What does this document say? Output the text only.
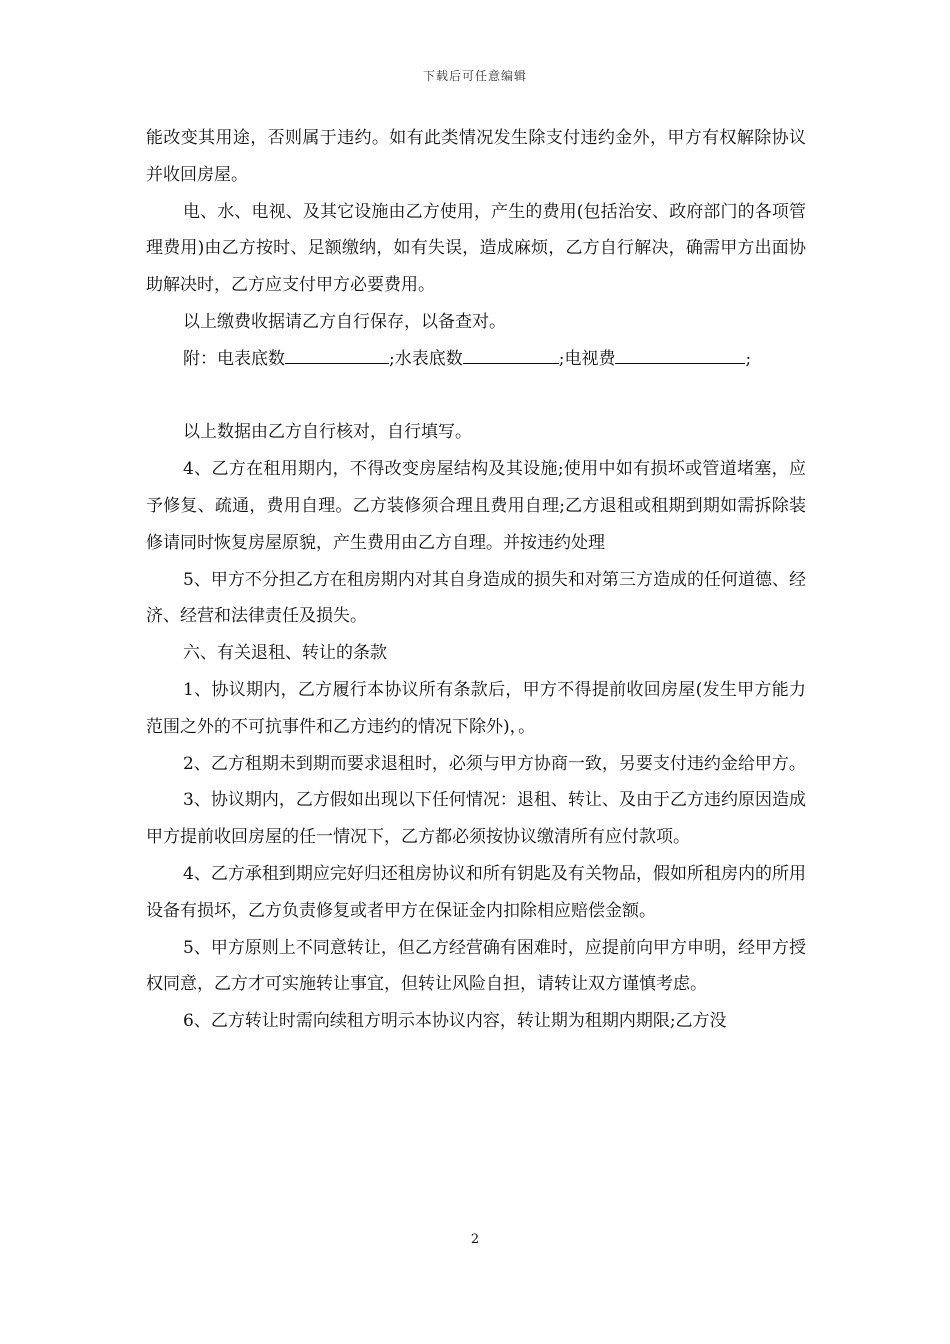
下载后可任意编辑

能改变其用途，否则属于违约。如有此类情况发生除支付违约金外，甲方有权解除协议并收回房屋。

电、水、电视、及其它设施由乙方使用，产生的费用(包括治安、政府部门的各项管理费用)由乙方按时、足额缴纳，如有失误，造成麻烦，乙方自行解决，确需甲方出面协助解决时，乙方应支付甲方必要费用。

以上缴费收据请乙方自行保存，以备查对。

附：电表底数	;水表底数	;电视费	;

以上数据由乙方自行核对，自行填写。

4、乙方在租用期内，不得改变房屋结构及其设施;使用中如有损坏或管道堵塞，应予修复、疏通，费用自理。乙方装修须合理且费用自理;乙方退租或租期到期如需拆除装修请同时恢复房屋原貌，产生费用由乙方自理。并按违约处理

5、甲方不分担乙方在租房期内对其自身造成的损失和对第三方造成的任何道德、经济、经营和法律责任及损失。

六、有关退租、转让的条款

1、协议期内，乙方履行本协议所有条款后，甲方不得提前收回房屋(发生甲方能力范围之外的不可抗事件和乙方违约的情况下除外)，。

2、乙方租期未到期而要求退租时，必须与甲方协商一致，另要支付违约金给甲方。

3、协议期内，乙方假如出现以下任何情况：退租、转让、及由于乙方违约原因造成甲方提前收回房屋的任一情况下，乙方都必须按协议缴清所有应付款项。

4、乙方承租到期应完好归还租房协议和所有钥匙及有关物品，假如所租房内的所用设备有损坏，乙方负责修复或者甲方在保证金内扣除相应赔偿金额。

5、甲方原则上不同意转让，但乙方经营确有困难时，应提前向甲方申明，经甲方授权同意，乙方才可实施转让事宜，但转让风险自担，请转让双方谨慎考虑。

6、乙方转让时需向续租方明示本协议内容，转让期为租期内期限;乙方没

2
